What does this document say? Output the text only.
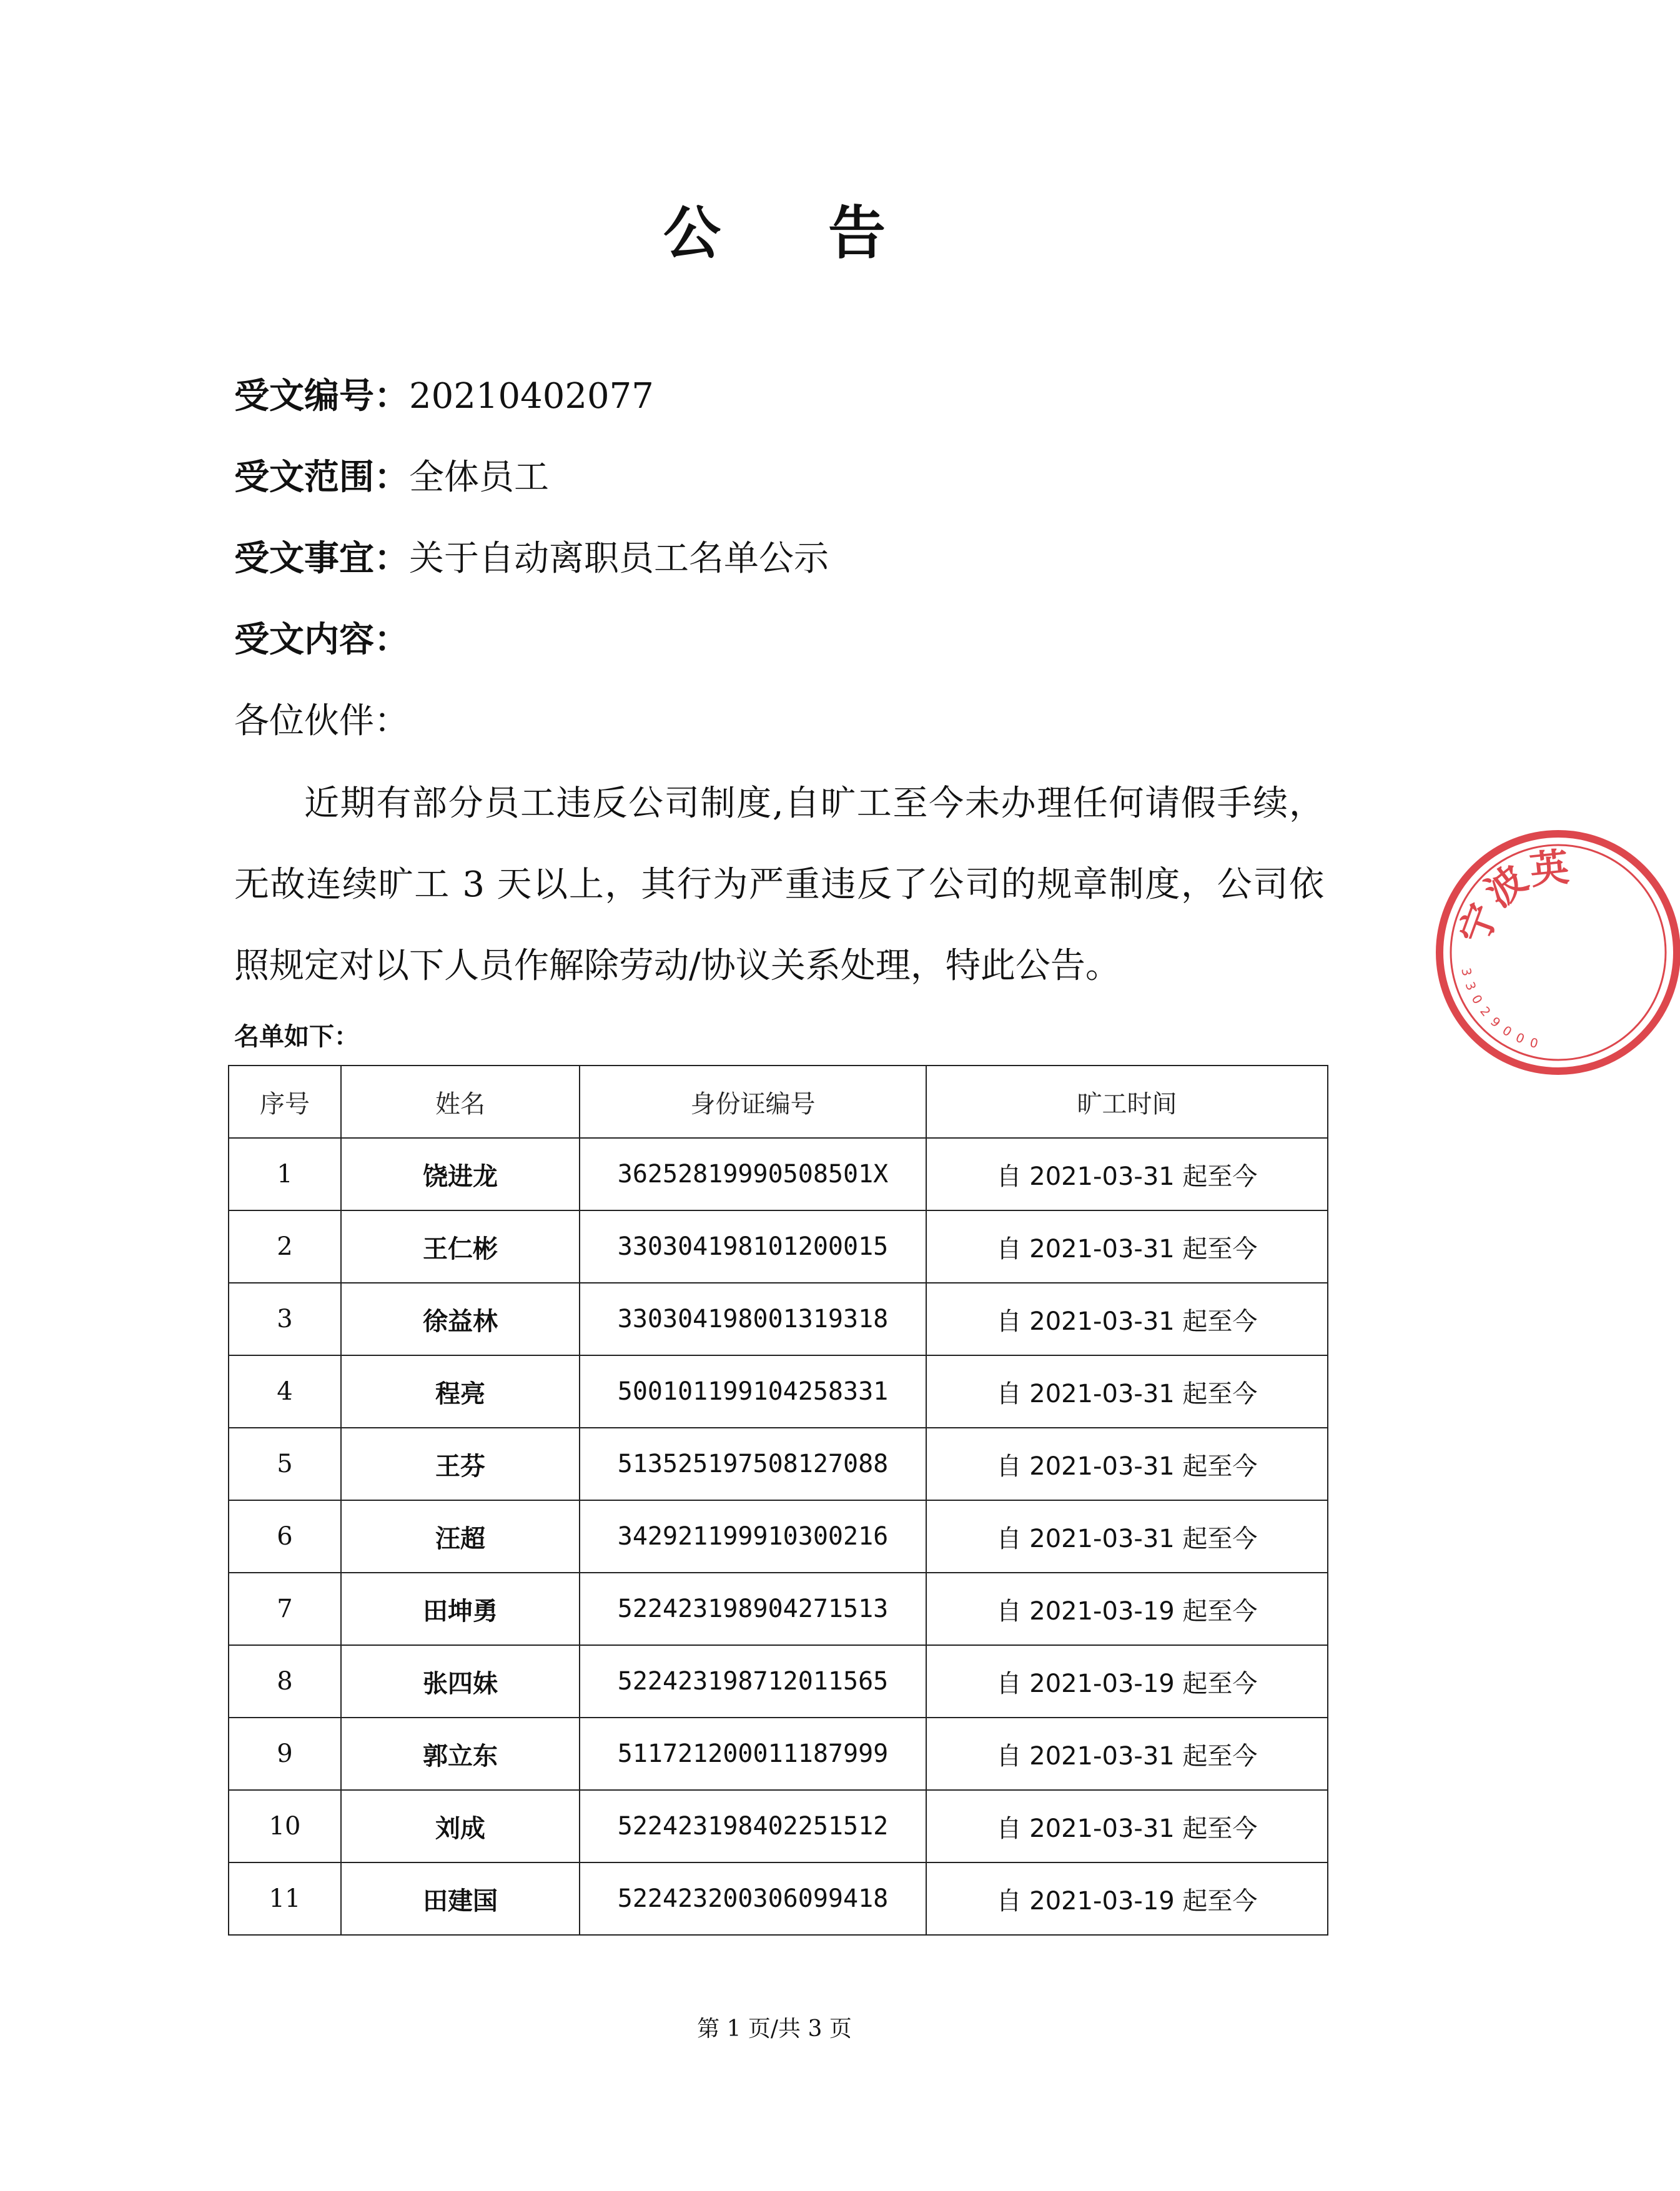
公 告
受文编号：20210402077
受文范围：全体员工
受文事宜：关于自动离职员工名单公示
受文内容：
各位伙伴：
近期有部分员工违反公司制度,自旷工至今未办理任何请假手续，无故连续旷工 3 天以上，其行为严重违反了公司的规章制度，公司依照规定对以下人员作解除劳动/协议关系处理，特此公告。
名单如下：
序号	姓名	身份证编号	旷工时间
1	饶进龙	36252819990508501X	自 2021-03-31 起至今
2	王仁彬	330304198101200015	自 2021-03-31 起至今
3	徐益林	330304198001319318	自 2021-03-31 起至今
4	程亮	500101199104258331	自 2021-03-31 起至今
5	王芬	513525197508127088	自 2021-03-31 起至今
6	汪超	342921199910300216	自 2021-03-31 起至今
7	田坤勇	522423198904271513	自 2021-03-19 起至今
8	张四妹	522423198712011565	自 2021-03-19 起至今
9	郭立东	511721200011187999	自 2021-03-31 起至今
10	刘成	522423198402251512	自 2021-03-31 起至今
11	田建国	522423200306099418	自 2021-03-19 起至今
第 1 页/共 3 页
宁
波
英
3
3
0
2
9
0
0 0
